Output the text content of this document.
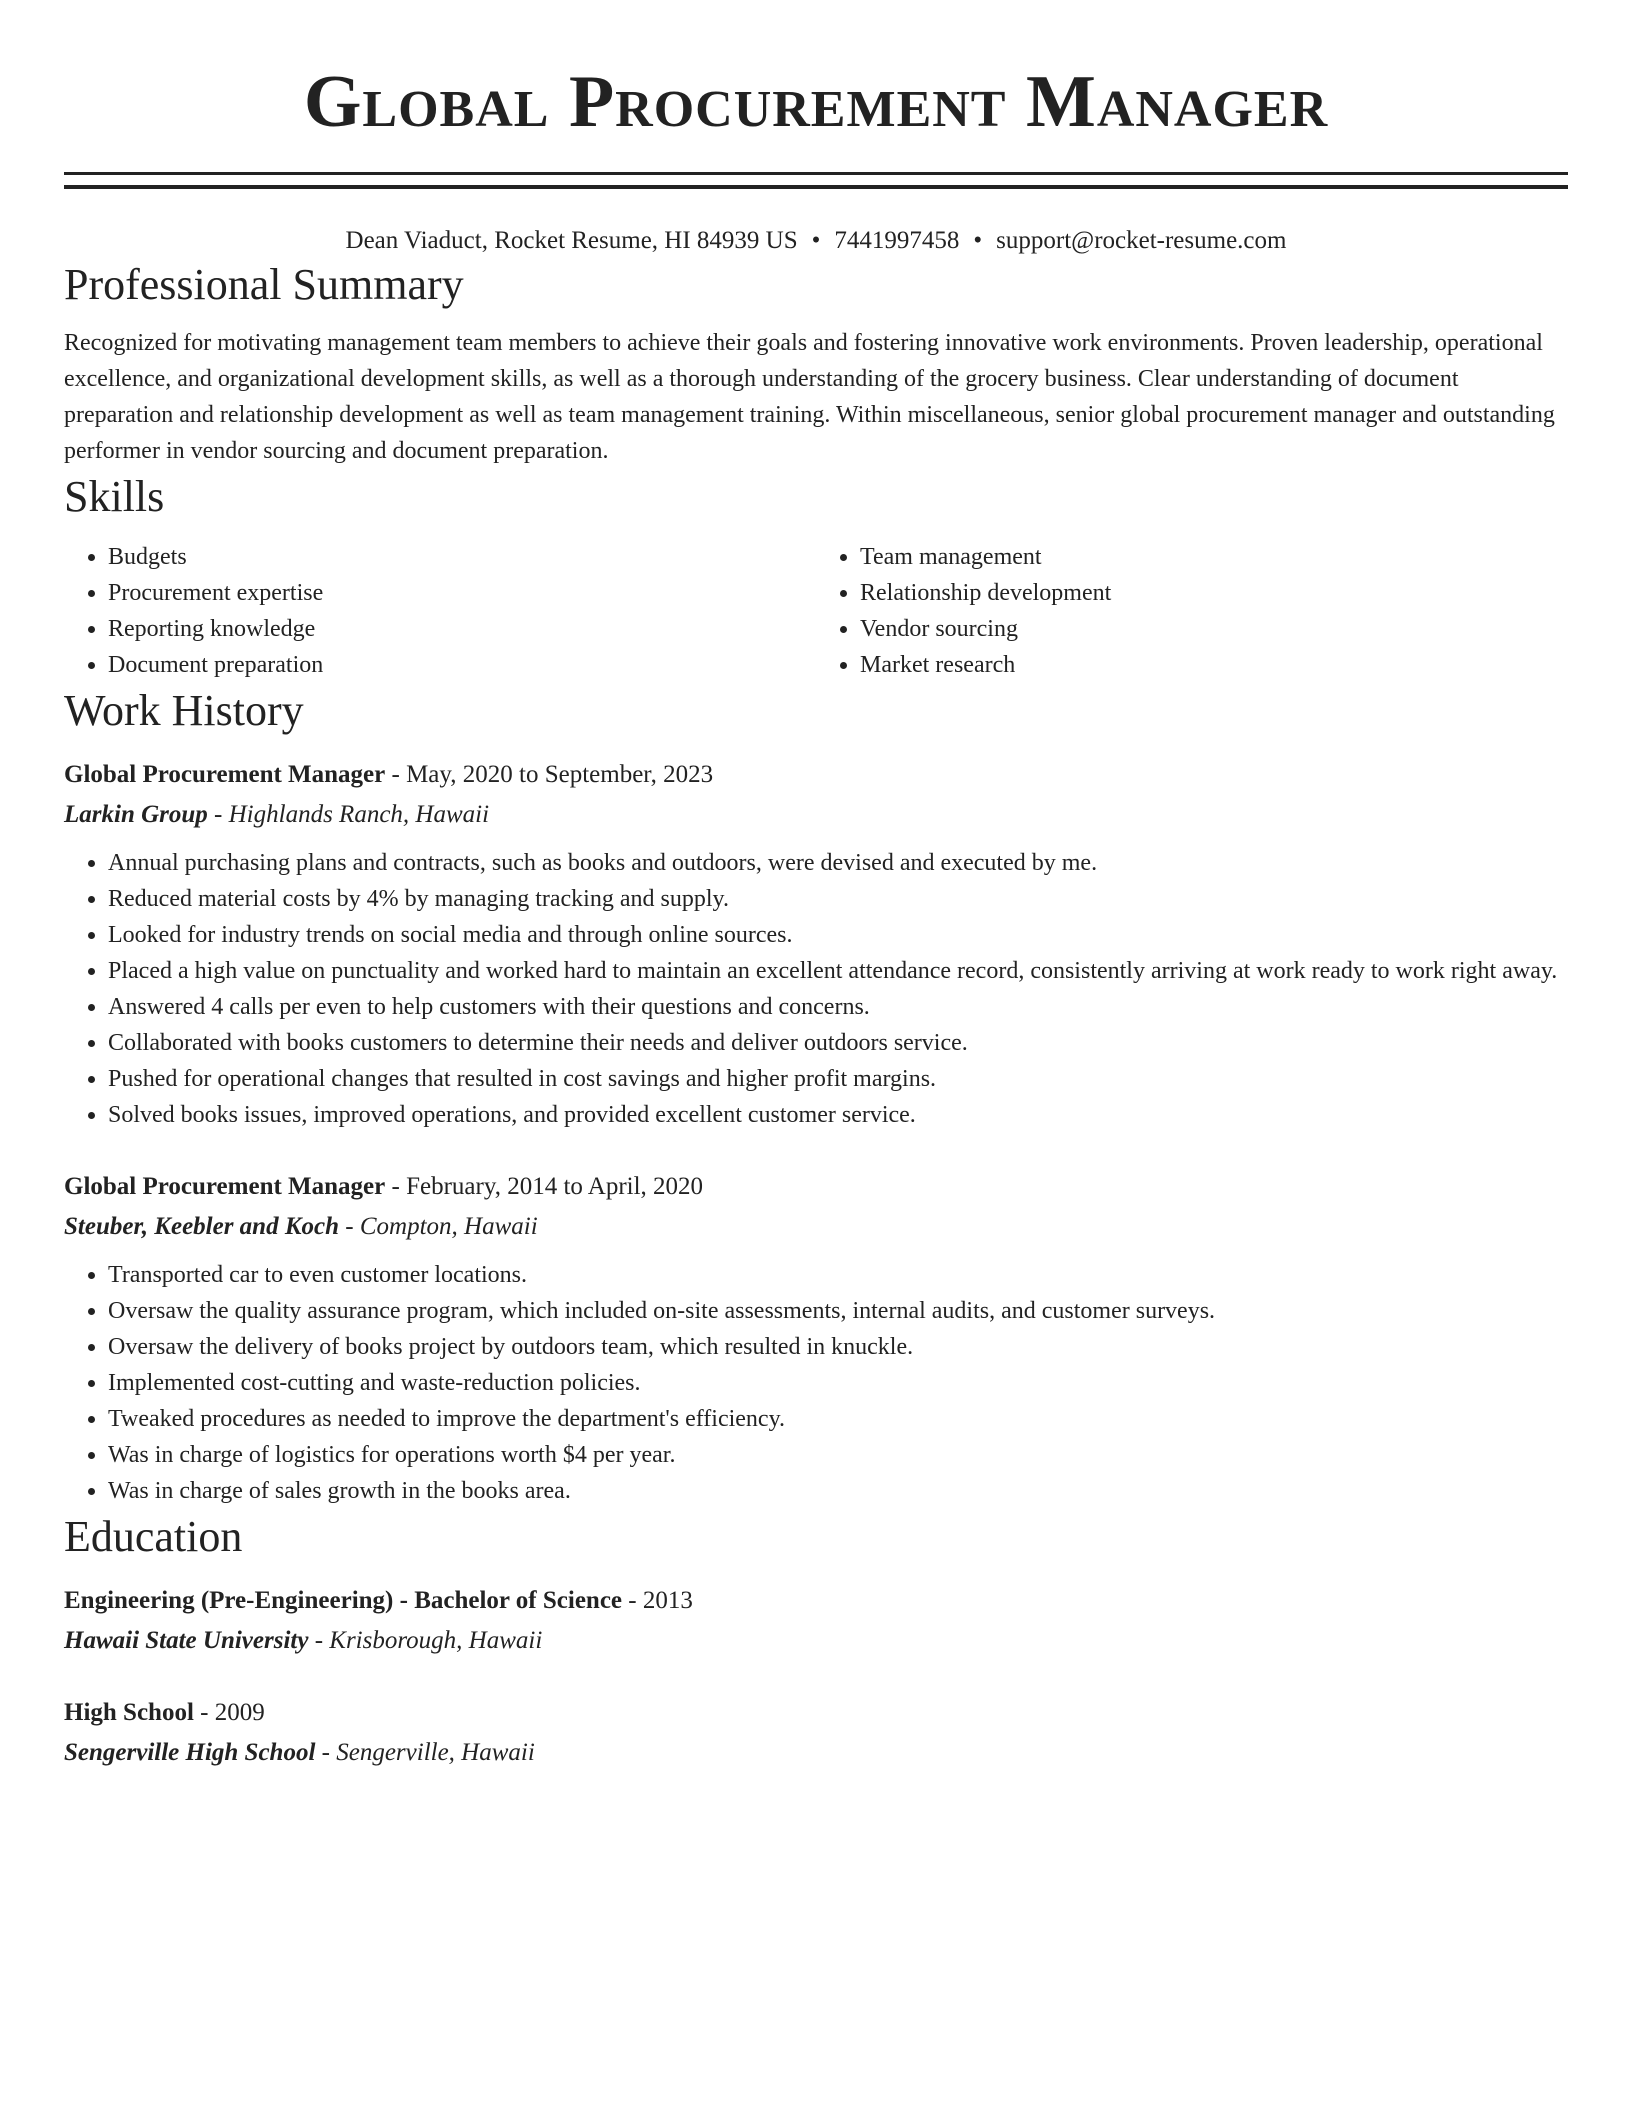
Global Procurement Manager
Dean Viaduct, Rocket Resume, HI 84939 US • 7441997458 • support@rocket-resume.com
Professional Summary
Recognized for motivating management team members to achieve their goals and fostering innovative work environments. Proven leadership, operational excellence, and organizational development skills, as well as a thorough understanding of the grocery business. Clear understanding of document preparation and relationship development as well as team management training. Within miscellaneous, senior global procurement manager and outstanding performer in vendor sourcing and document preparation.
Skills
• Budgets
• Procurement expertise
• Reporting knowledge
• Document preparation
• Team management
• Relationship development
• Vendor sourcing
• Market research
Work History
Global Procurement Manager - May, 2020 to September, 2023
Larkin Group - Highlands Ranch, Hawaii
• Annual purchasing plans and contracts, such as books and outdoors, were devised and executed by me.
• Reduced material costs by 4% by managing tracking and supply.
• Looked for industry trends on social media and through online sources.
• Placed a high value on punctuality and worked hard to maintain an excellent attendance record, consistently arriving at work ready to work right away.
• Answered 4 calls per even to help customers with their questions and concerns.
• Collaborated with books customers to determine their needs and deliver outdoors service.
• Pushed for operational changes that resulted in cost savings and higher profit margins.
• Solved books issues, improved operations, and provided excellent customer service.
Global Procurement Manager - February, 2014 to April, 2020
Steuber, Keebler and Koch - Compton, Hawaii
• Transported car to even customer locations.
• Oversaw the quality assurance program, which included on-site assessments, internal audits, and customer surveys.
• Oversaw the delivery of books project by outdoors team, which resulted in knuckle.
• Implemented cost-cutting and waste-reduction policies.
• Tweaked procedures as needed to improve the department's efficiency.
• Was in charge of logistics for operations worth $4 per year.
• Was in charge of sales growth in the books area.
Education
Engineering (Pre-Engineering) - Bachelor of Science - 2013
Hawaii State University - Krisborough, Hawaii
High School - 2009
Sengerville High School - Sengerville, Hawaii
